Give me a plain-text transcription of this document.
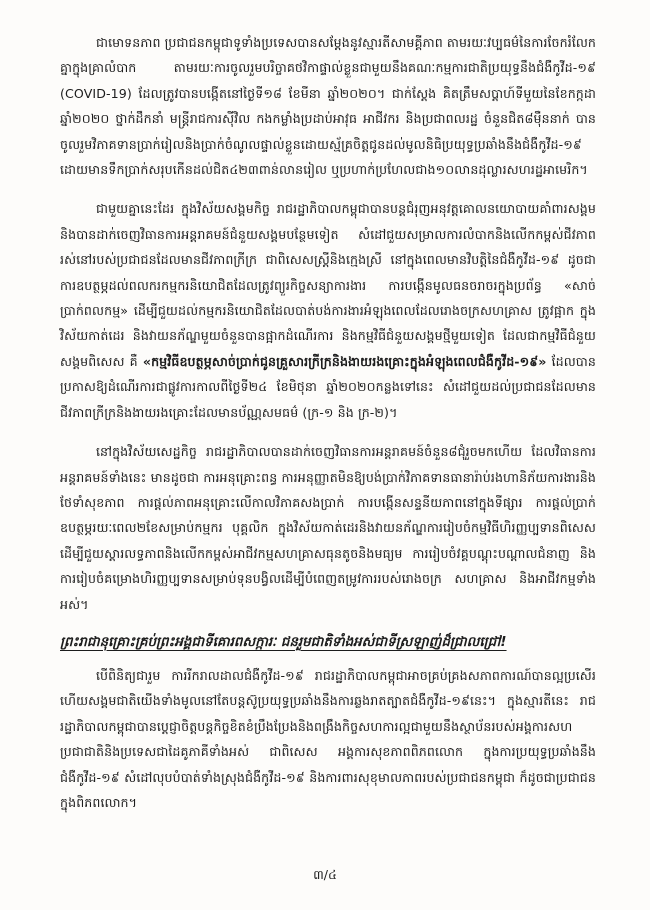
ជាមោទនភាព ប្រជាជនកម្ពុជាទូទាំងប្រទេសបានសម្ដែងនូវស្មារតីសាមគ្គីភាព តាមរយៈវប្បធម៌នៃការចែករំលែកគ្នាក្នុងគ្រាលំបាក តាមរយៈការចូលរួមបរិច្ចាគថវិកាផ្ទាល់ខ្លួនជាមួយនឹងគណៈកម្មការជាតិប្រយុទ្ធនឹងជំងឺកូវីដ-១៩ (COVID-19) ដែលត្រូវបានបង្កើតនៅថ្ងៃទី១៨ ខែមីនា ឆ្នាំ២០២០។ ជាក់ស្ដែង គិតត្រឹមសប្ដាហ៍ទីមួយនៃខែកក្កដា ឆ្នាំ២០២០ ថ្នាក់ដឹកនាំ មន្ត្រីរាជការស៊ីវិល កងកម្លាំងប្រដាប់អាវុធ អាជីវករ និងប្រជាពលរដ្ឋ ចំនួនជិត៨ម៉ឺននាក់ បានចូលរួមវិភាគទានប្រាក់រៀលនិងប្រាក់ចំណូលផ្ទាល់ខ្លួនដោយស្ម័គ្រចិត្តជូនដល់មូលនិធិប្រយុទ្ធប្រឆាំងនឹងជំងឺកូវីដ-១៩ ដោយមានទឹកប្រាក់សរុបកើនដល់ជិត៤២៣ពាន់លានរៀល ឬប្រហាក់ប្រហែលជាង១០លានដុល្លារសហរដ្ឋអាមេរិក។

ជាមួយគ្នានេះដែរ ក្នុងវិស័យសង្គមកិច្ច រាជរដ្ឋាភិបាលកម្ពុជាបានបន្តជំរុញអនុវត្តគោលនយោបាយគាំពារសង្គមនិងបានដាក់ចេញវិធានការអន្តរាគមន៍ជំនួយសង្គមបន្ថែមទៀត សំដៅជួយសម្រាលការលំបាកនិងលើកកម្ពស់ជីវភាពរស់នៅរបស់ប្រជាជនដែលមានជីវភាពក្រីក្រ ជាពិសេសស្ត្រីនិងក្មេងស្រី នៅក្នុងពេលមានវិបត្តិនៃជំងឺកូវីដ-១៩ ដូចជា ការឧបត្ថម្ភដល់ពលករកម្មករនិយោជិតដែលត្រូវព្យួរកិច្ចសន្យាការងារ ការបង្កើនមូលធនចរាចរក្នុងប្រព័ន្ធ «សាច់ប្រាក់ពលកម្ម» ដើម្បីជួយដល់កម្មករនិយោជិតដែលបាត់បង់ការងារអំឡុងពេលដែលរោងចក្រសហគ្រាស ត្រូវផ្អាក ក្នុងវិស័យកាត់ដេរ និងវាយនភ័ណ្ឌមួយចំនួនបានផ្អាកដំណើរការ និងកម្មវិធីជំនួយសង្គមថ្មីមួយទៀត ដែលជាកម្មវិធីជំនួយសង្គមពិសេស គឺ «កម្មវិធីឧបត្ថម្ភសាច់ប្រាក់ជូនគ្រួសារក្រីក្រនិងងាយរងគ្រោះក្នុងអំឡុងពេលជំងឺកូវីដ-១៩» ដែលបានប្រកាសឱ្យដំណើរការជាផ្លូវការកាលពីថ្ងៃទី២៤ ខែមិថុនា ឆ្នាំ២០២០កន្លងទៅនេះ សំដៅជួយដល់ប្រជាជនដែលមានជីវភាពក្រីក្រនិងងាយរងគ្រោះដែលមានប័ណ្ណសមធម៌ (ក្រ-១ និង ក្រ-២)។

នៅក្នុងវិស័យសេដ្ឋកិច្ច រាជរដ្ឋាភិបាលបានដាក់ចេញវិធានការអន្តរាគមន៍ចំនួន៨ជុំរួចមកហើយ ដែលវិធានការអន្តរាគមន៍ទាំងនេះ មានដូចជា ការអនុគ្រោះពន្ធ ការអនុញ្ញាតមិនឱ្យបង់ប្រាក់វិភាគទានធានារ៉ាប់រងហានិភ័យការងារនិងថែទាំសុខភាព ការផ្ដល់ភាពអនុគ្រោះលើកាលវិភាគសងប្រាក់ ការបង្កើនសន្ទនីយភាពនៅក្នុងទីផ្សារ ការផ្ដល់ប្រាក់ឧបត្ថម្ភរយៈពេល២ខែសម្រាប់កម្មករ បុគ្គលិក ក្នុងវិស័យកាត់ដេរនិងវាយនភ័ណ្ឌការរៀបចំកម្មវិធីហិរញ្ញប្បទានពិសេសដើម្បីជួយស្ដារលទ្ធភាពនិងលើកកម្ពស់អាជីវកម្មសហគ្រាសធុនតូចនិងមធ្យម ការរៀបចំវគ្គបណ្ដុះបណ្ដាលជំនាញ និងការរៀបចំគម្រោងហិរញ្ញប្បទានសម្រាប់ទុនបង្វិលដើម្បីបំពេញតម្រូវការរបស់រោងចក្រ សហគ្រាស និងអាជីវកម្មទាំងអស់។

ព្រះរាជានុគ្រោះគ្រប់ព្រះអង្គជាទីគោរពសក្ការៈ ជនរួមជាតិទាំងអស់ជាទីស្រឡាញ់ដ៏ជ្រាលជ្រៅ!

បើពិនិត្យជារួម ការរីករាលដាលជំងឺកូវីដ-១៩ រាជរដ្ឋាភិបាលកម្ពុជាអាចគ្រប់គ្រងសភាពការណ៍បានល្អប្រសើរ ហើយសង្គមជាតិយើងទាំងមូលនៅតែបន្តស៊ូប្រយុទ្ធប្រឆាំងនឹងការឆ្លងរាតត្បាតជំងឺកូវីដ-១៩នេះ។ ក្នុងស្មារតីនេះ រាជរដ្ឋាភិបាលកម្ពុជាបានប្ដេជ្ញាចិត្តបន្តកិច្ចខិតខំប្រឹងប្រែងនិងពង្រឹងកិច្ចសហការល្អជាមួយនឹងស្ថាប័នរបស់អង្គការសហប្រជាជាតិនិងប្រទេសជាដៃគូភាគីទាំងអស់ ជាពិសេស អង្គការសុខភាពពិភពលោក ក្នុងការប្រយុទ្ធប្រឆាំងនឹងជំងឺកូវីដ-១៩ សំដៅលុបបំបាត់ទាំងស្រុងជំងឺកូវីដ-១៩ និងការពារសុខុមាលភាពរបស់ប្រជាជនកម្ពុជា ក៏ដូចជាប្រជាជនក្នុងពិភពលោក។

៣/៤
